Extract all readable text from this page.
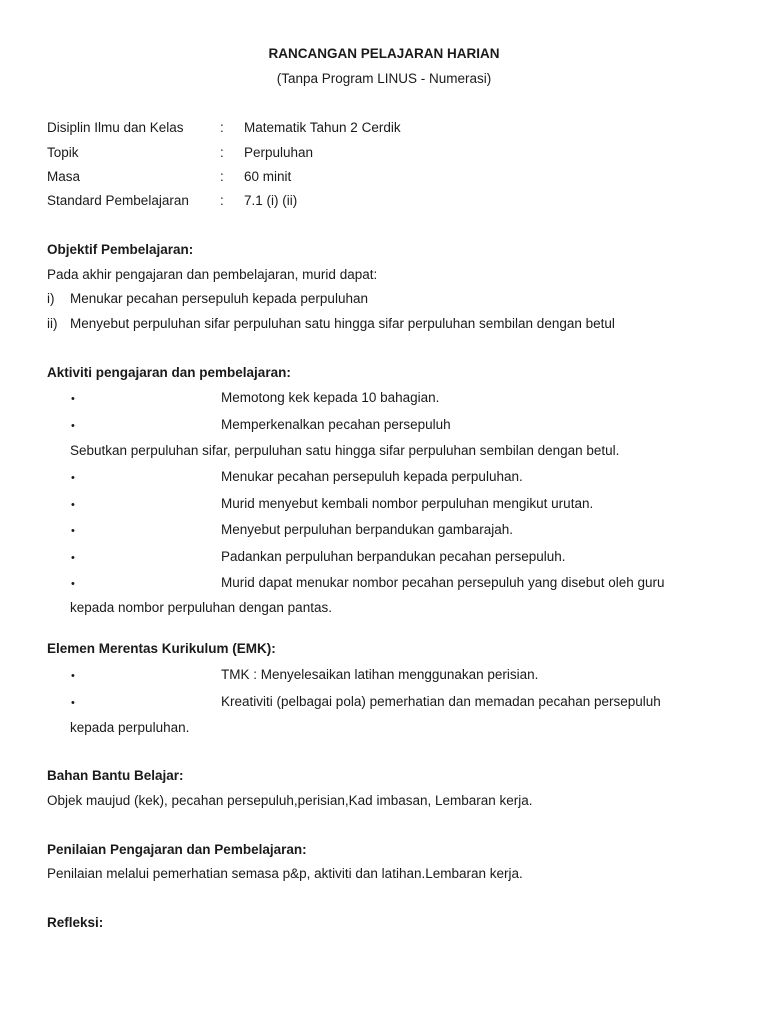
RANCANGAN PELAJARAN HARIAN
(Tanpa Program LINUS - Numerasi)
Disiplin Ilmu dan Kelas	: Matematik Tahun 2 Cerdik
Topik	: Perpuluhan
Masa	: 60 minit
Standard Pembelajaran : 7.1 (i) (ii)
Objektif Pembelajaran:
Pada akhir pengajaran dan pembelajaran, murid dapat:
i) Menukar pecahan persepuluh kepada perpuluhan
ii) Menyebut perpuluhan sifar perpuluhan satu hingga sifar perpuluhan sembilan dengan betul
Aktiviti pengajaran dan pembelajaran:
•	Memotong kek kepada 10 bahagian.
•	Memperkenalkan pecahan persepuluh
Sebutkan perpuluhan sifar, perpuluhan satu hingga sifar perpuluhan sembilan dengan betul.
•	Menukar pecahan persepuluh kepada perpuluhan.
•	Murid menyebut kembali nombor perpuluhan mengikut urutan.
•	Menyebut perpuluhan berpandukan gambarajah.
•	Padankan perpuluhan berpandukan pecahan persepuluh.
•	Murid dapat menukar nombor pecahan persepuluh yang disebut oleh guru
kepada nombor perpuluhan dengan pantas.
Elemen Merentas Kurikulum (EMK):
•	TMK : Menyelesaikan latihan menggunakan perisian.
•	Kreativiti (pelbagai pola) pemerhatian dan memadan pecahan persepuluh
kepada perpuluhan.
Bahan Bantu Belajar:
Objek maujud (kek), pecahan persepuluh,perisian,Kad imbasan, Lembaran kerja.
Penilaian Pengajaran dan Pembelajaran:
Penilaian melalui pemerhatian semasa p&p, aktiviti dan latihan.Lembaran kerja.
Refleksi:
